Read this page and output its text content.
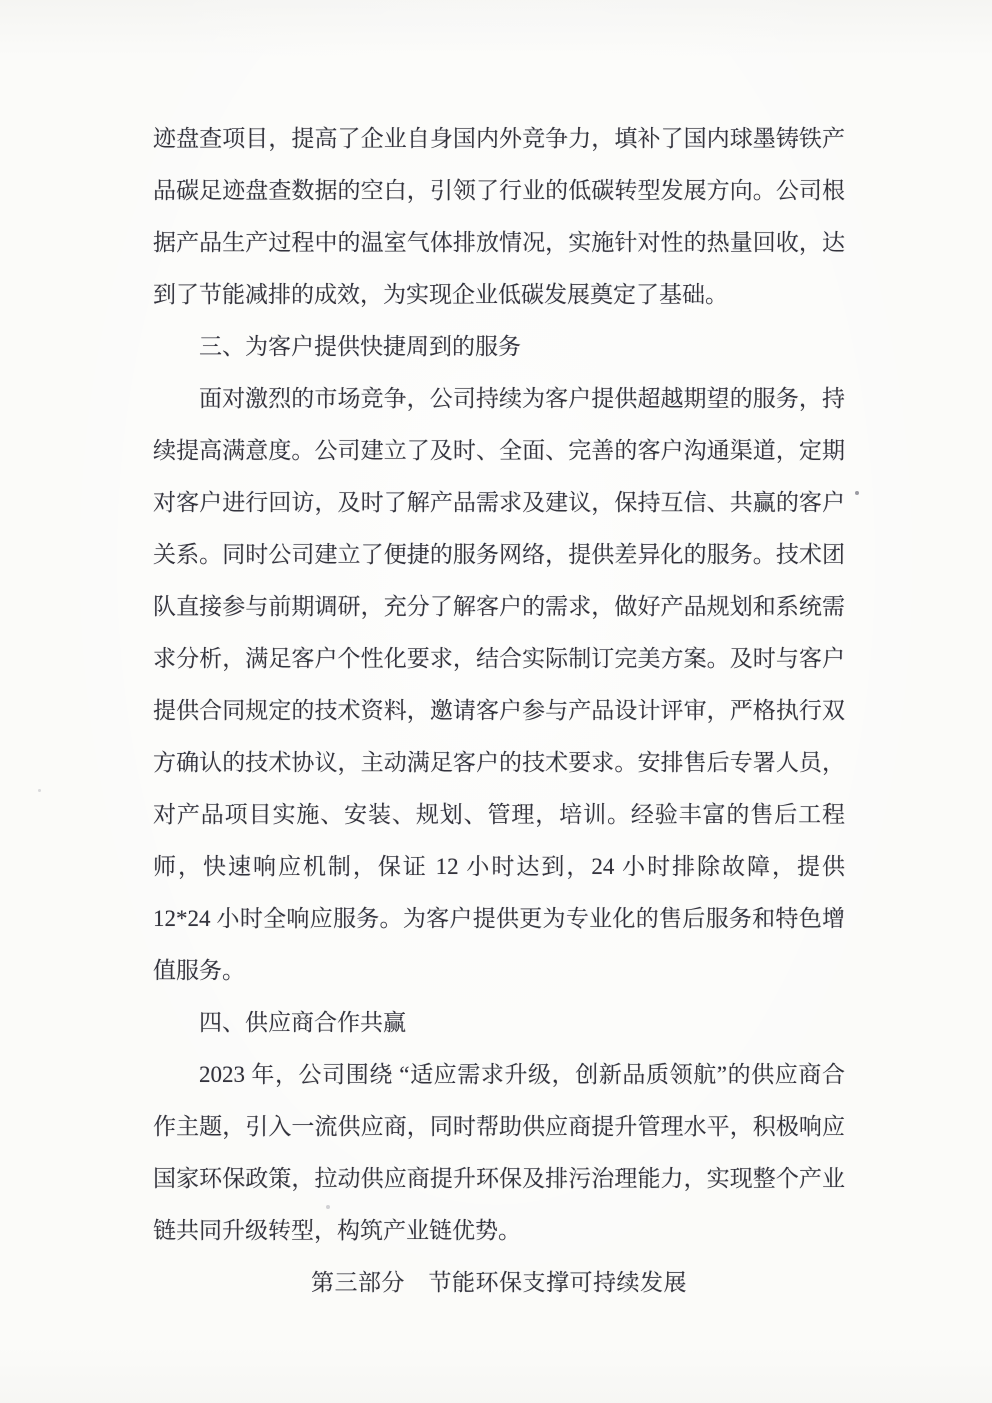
迹盘查项目，提高了企业自身国内外竞争力，填补了国内球墨铸铁产品碳足迹盘查数据的空白，引领了行业的低碳转型发展方向。公司根据产品生产过程中的温室气体排放情况，实施针对性的热量回收，达到了节能减排的成效，为实现企业低碳发展奠定了基础。

三、为客户提供快捷周到的服务

面对激烈的市场竞争，公司持续为客户提供超越期望的服务，持续提高满意度。公司建立了及时、全面、完善的客户沟通渠道，定期对客户进行回访，及时了解产品需求及建议，保持互信、共赢的客户关系。同时公司建立了便捷的服务网络，提供差异化的服务。技术团队直接参与前期调研，充分了解客户的需求，做好产品规划和系统需求分析，满足客户个性化要求，结合实际制订完美方案。及时与客户提供合同规定的技术资料，邀请客户参与产品设计评审，严格执行双方确认的技术协议，主动满足客户的技术要求。安排售后专署人员，对产品项目实施、安装、规划、管理，培训。经验丰富的售后工程师，快速响应机制，保证 12 小时达到，24 小时排除故障，提供 12*24 小时全响应服务。为客户提供更为专业化的售后服务和特色增值服务。

四、供应商合作共赢

2023 年，公司围绕 “适应需求升级，创新品质领航”的供应商合作主题，引入一流供应商，同时帮助供应商提升管理水平，积极响应国家环保政策，拉动供应商提升环保及排污治理能力，实现整个产业链共同升级转型，构筑产业链优势。

第三部分　节能环保支撑可持续发展
